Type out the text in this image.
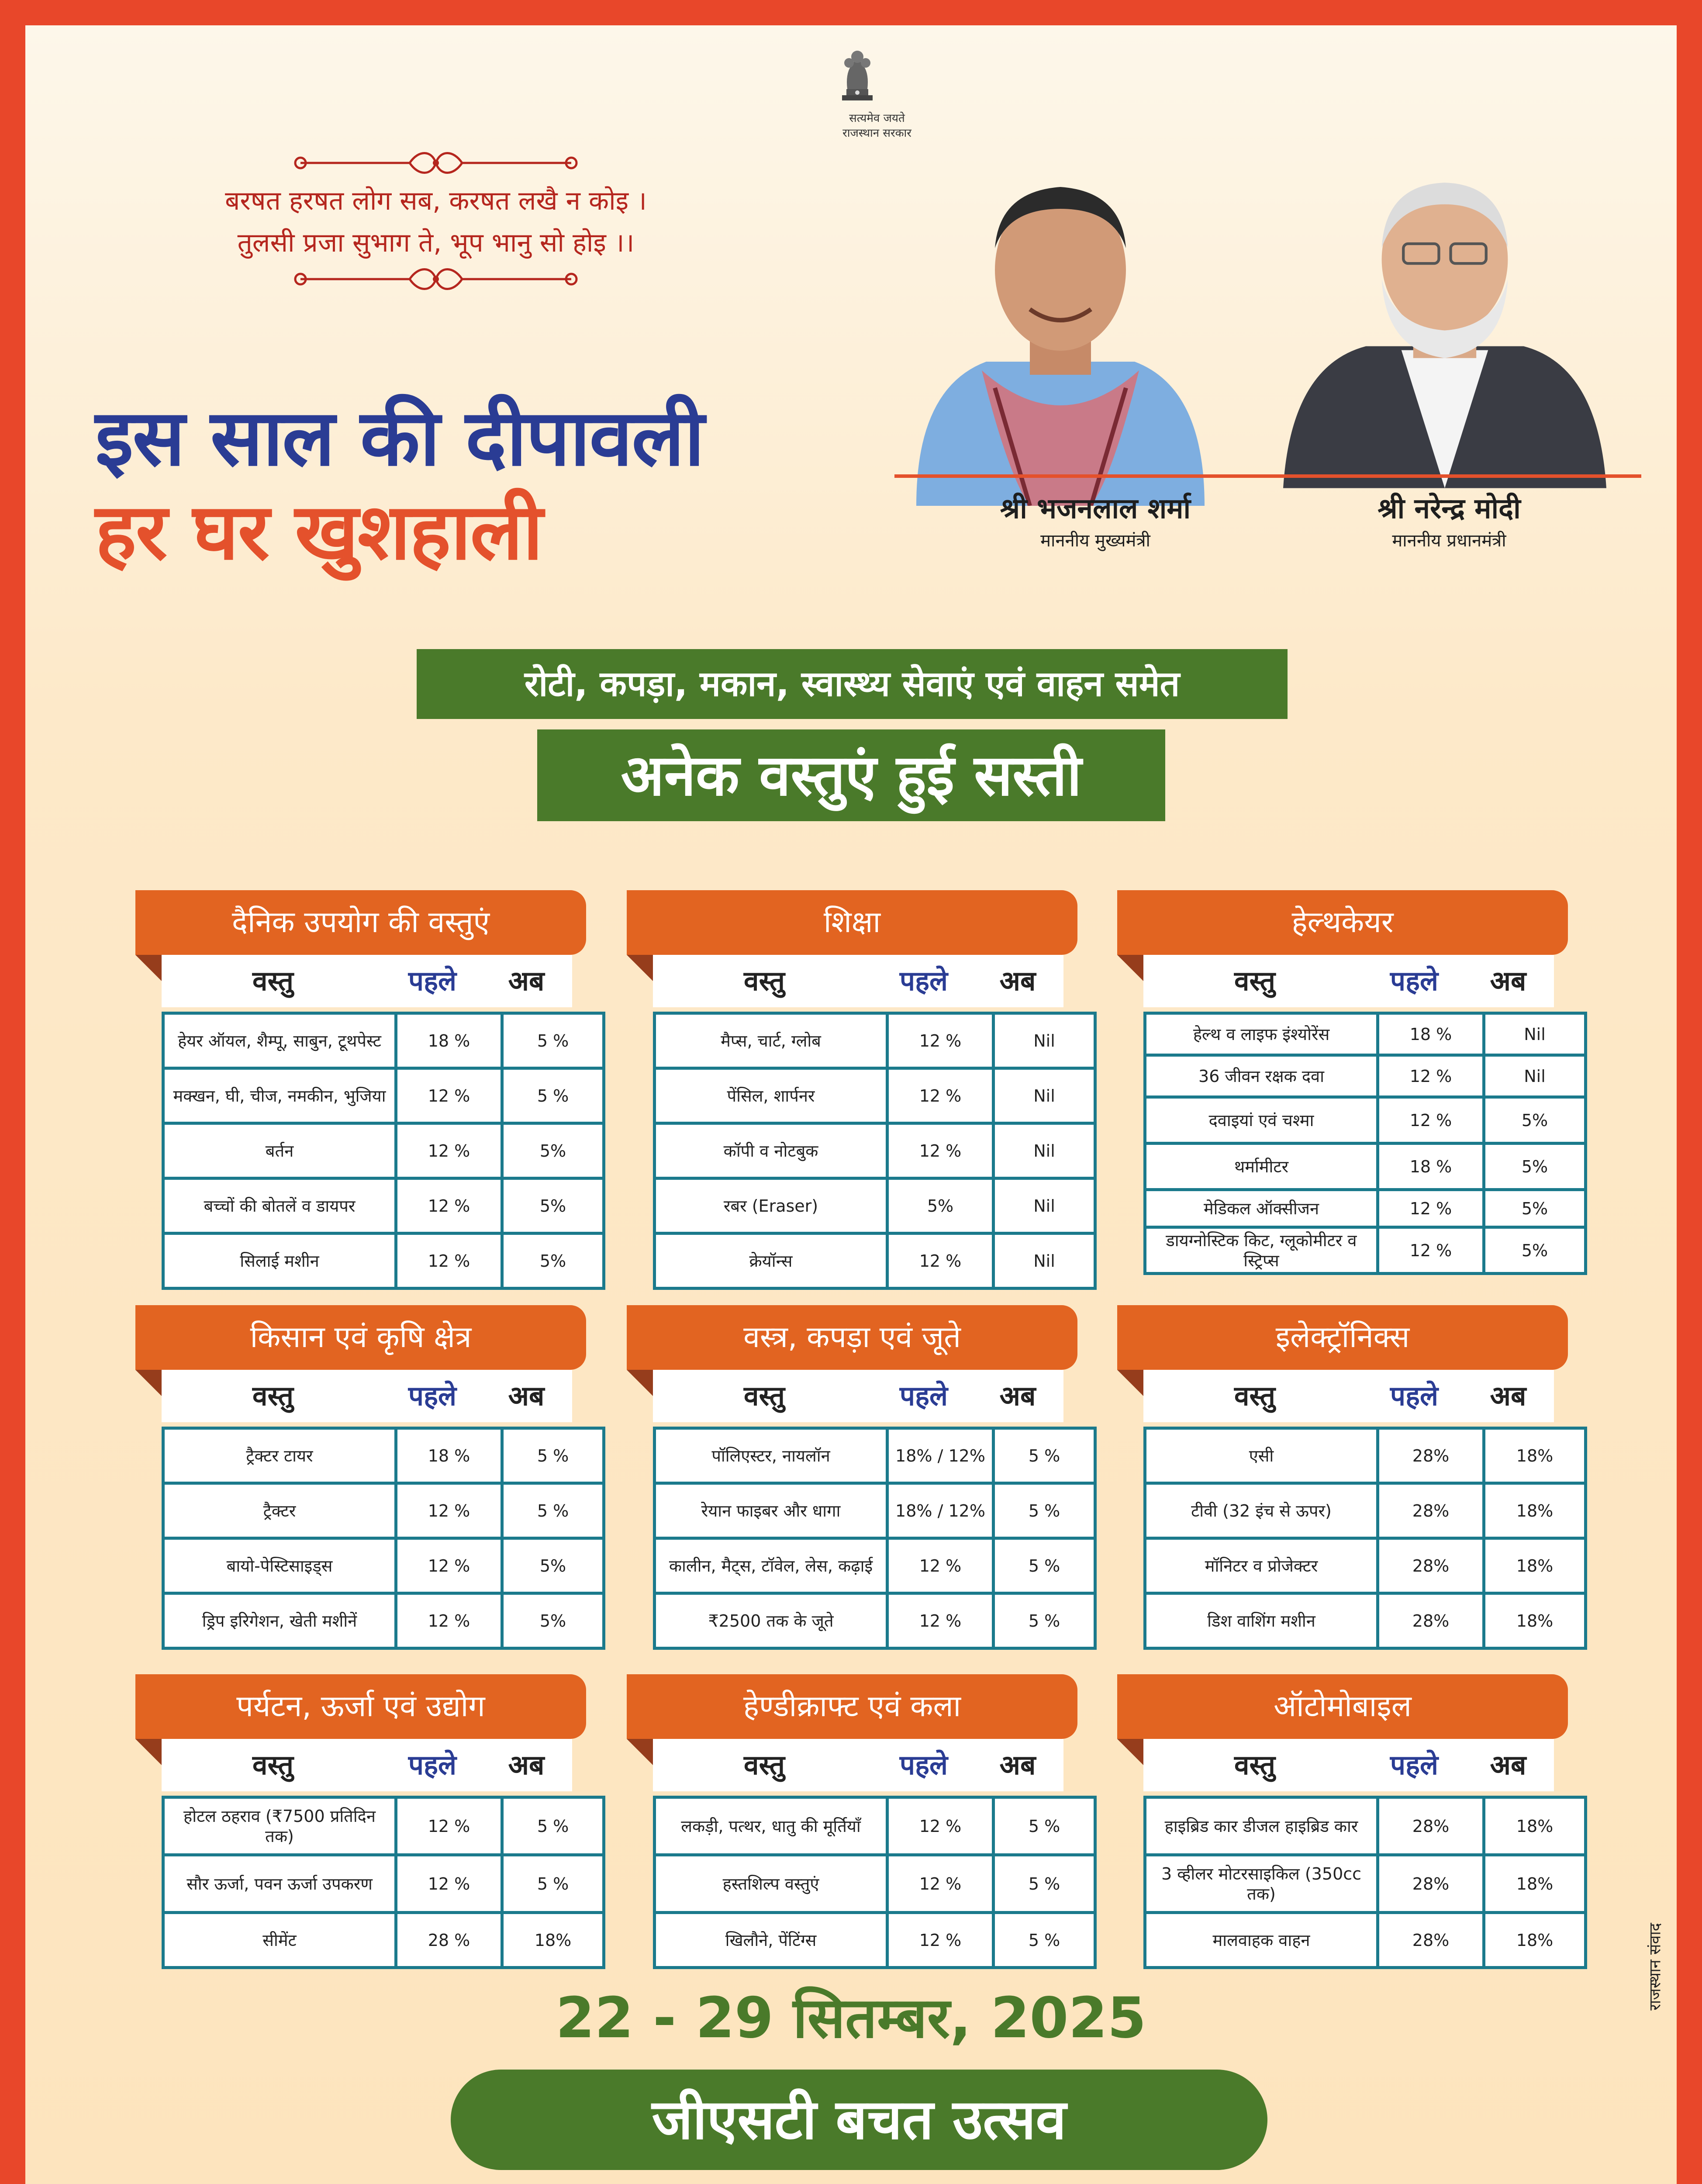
सत्यमेव जयते
राजस्थान सरकार
बरषत हरषत लोग सब, करषत लखै न कोइ ।
तुलसी प्रजा सुभाग ते, भूप भानु सो होइ ।।
इस साल की दीपावली
हर घर खुशहाली	श्री भजनलाल शर्मा
माननीय मुख्यमंत्री
श्री नरेन्द्र मोदी
माननीय प्रधानमंत्री
रोटी, कपड़ा, मकान, स्वास्थ्य सेवाएं एवं वाहन समेत
अनेक वस्तुएं हुई सस्ती
दैनिक उपयोग की वस्तुएं
वस्तु	पहले	अब
हेयर ऑयल, शैम्पू, साबुन, टूथपेस्ट	18 %	5 %
मक्खन, घी, चीज, नमकीन, भुजिया	12 %	5 %
बर्तन	12 %	5%
बच्चों की बोतलें व डायपर	12 %	5%
सिलाई मशीन	12 %	5%
शिक्षा
वस्तु	पहले	अब
मैप्स, चार्ट, ग्लोब	12 %	Nil
पेंसिल, शार्पनर	12 %	Nil
कॉपी व नोटबुक	12 %	Nil
रबर (Eraser)	5%	Nil
क्रेयॉन्स	12 %	Nil
हेल्थकेयर
वस्तु	पहले	अब
हेल्थ व लाइफ इंश्योरेंस	18 %	Nil
36 जीवन रक्षक दवा	12 %	Nil
दवाइयां एवं चश्मा	12 %	5%
थर्मामीटर	18 %	5%
मेडिकल ऑक्सीजन	12 %	5%
डायग्नोस्टिक किट, ग्लूकोमीटर व स्ट्रिप्स	12 %	5%
किसान एवं कृषि क्षेत्र
वस्तु	पहले	अब
ट्रैक्टर टायर	18 %	5 %
ट्रैक्टर	12 %	5 %
बायो-पेस्टिसाइड्स	12 %	5%
ड्रिप इरिगेशन, खेती मशीनें	12 %	5%
वस्त्र, कपड़ा एवं जूते
वस्तु	पहले	अब
पॉलिएस्टर, नायलॉन	18% / 12%	5 %
रेयान फाइबर और धागा	18% / 12%	5 %
कालीन, मैट्स, टॉवेल, लेस, कढ़ाई	12 %	5 %
₹2500 तक के जूते	12 %	5 %
इलेक्ट्रॉनिक्स
वस्तु	पहले	अब
एसी	28%	18%
टीवी (32 इंच से ऊपर)	28%	18%
मॉनिटर व प्रोजेक्टर	28%	18%
डिश वाशिंग मशीन	28%	18%
पर्यटन, ऊर्जा एवं उद्योग
वस्तु	पहले	अब
होटल ठहराव (₹7500 प्रतिदिन तक)	12 %	5 %
सौर ऊर्जा, पवन ऊर्जा उपकरण	12 %	5 %
सीमेंट	28 %	18%
हेण्डीक्राफ्ट एवं कला
वस्तु	पहले	अब
लकड़ी, पत्थर, धातु की मूर्तियाँ	12 %	5 %
हस्तशिल्प वस्तुएं	12 %	5 %
खिलौने, पेंटिंग्स	12 %	5 %
ऑटोमोबाइल
वस्तु	पहले	अब
हाइब्रिड कार डीजल हाइब्रिड कार	28%	18%
3 व्हीलर मोटरसाइकिल (350cc तक)	28%	18%
मालवाहक वाहन	28%	18%
22 - 29 सितम्बर, 2025
जीएसटी बचत उत्सव
राजस्थान संवाद
